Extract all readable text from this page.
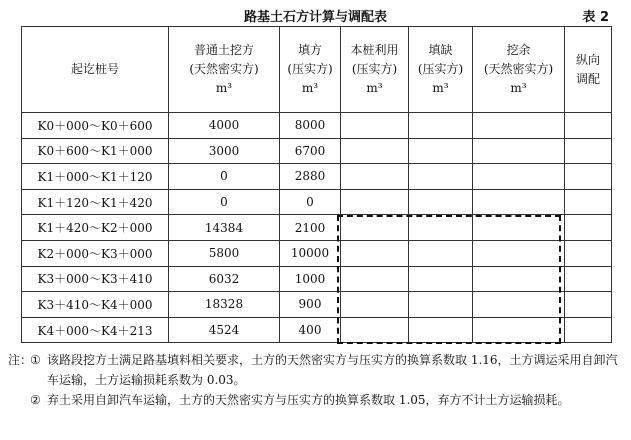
路基土石方计算与调配表	表 2
起讫桩号	普通土挖方
(天然密实方)
m³	填方
(压实方)
m³	本桩利用
(压实方)
m³	填缺
(压实方)
m³	挖余
(天然密实方)
m³	纵向
调配

K0＋000～K0＋600	4000	8000				
K0＋600～K1＋000	3000	6700				
K1＋000～K1＋120	0	2880				
K1＋120～K1＋420	0	0				
K1＋420～K2＋000	14384	2100				
K2＋000～K3＋000	5800	10000				
K3＋000～K3＋410	6032	1000				
K3＋410～K4＋000	18328	900				
K4＋000～K4＋213	4524	400				
注：
① 该路段挖方土满足路基填料相关要求，土方的天然密实方与压实方的换算系数取 1.16，土方调运采用自卸汽车运输，土方运输损耗系数为 0.03。
② 弃土采用自卸汽车运输，土方的天然密实方与压实方的换算系数取 1.05，弃方不计土方运输损耗。
